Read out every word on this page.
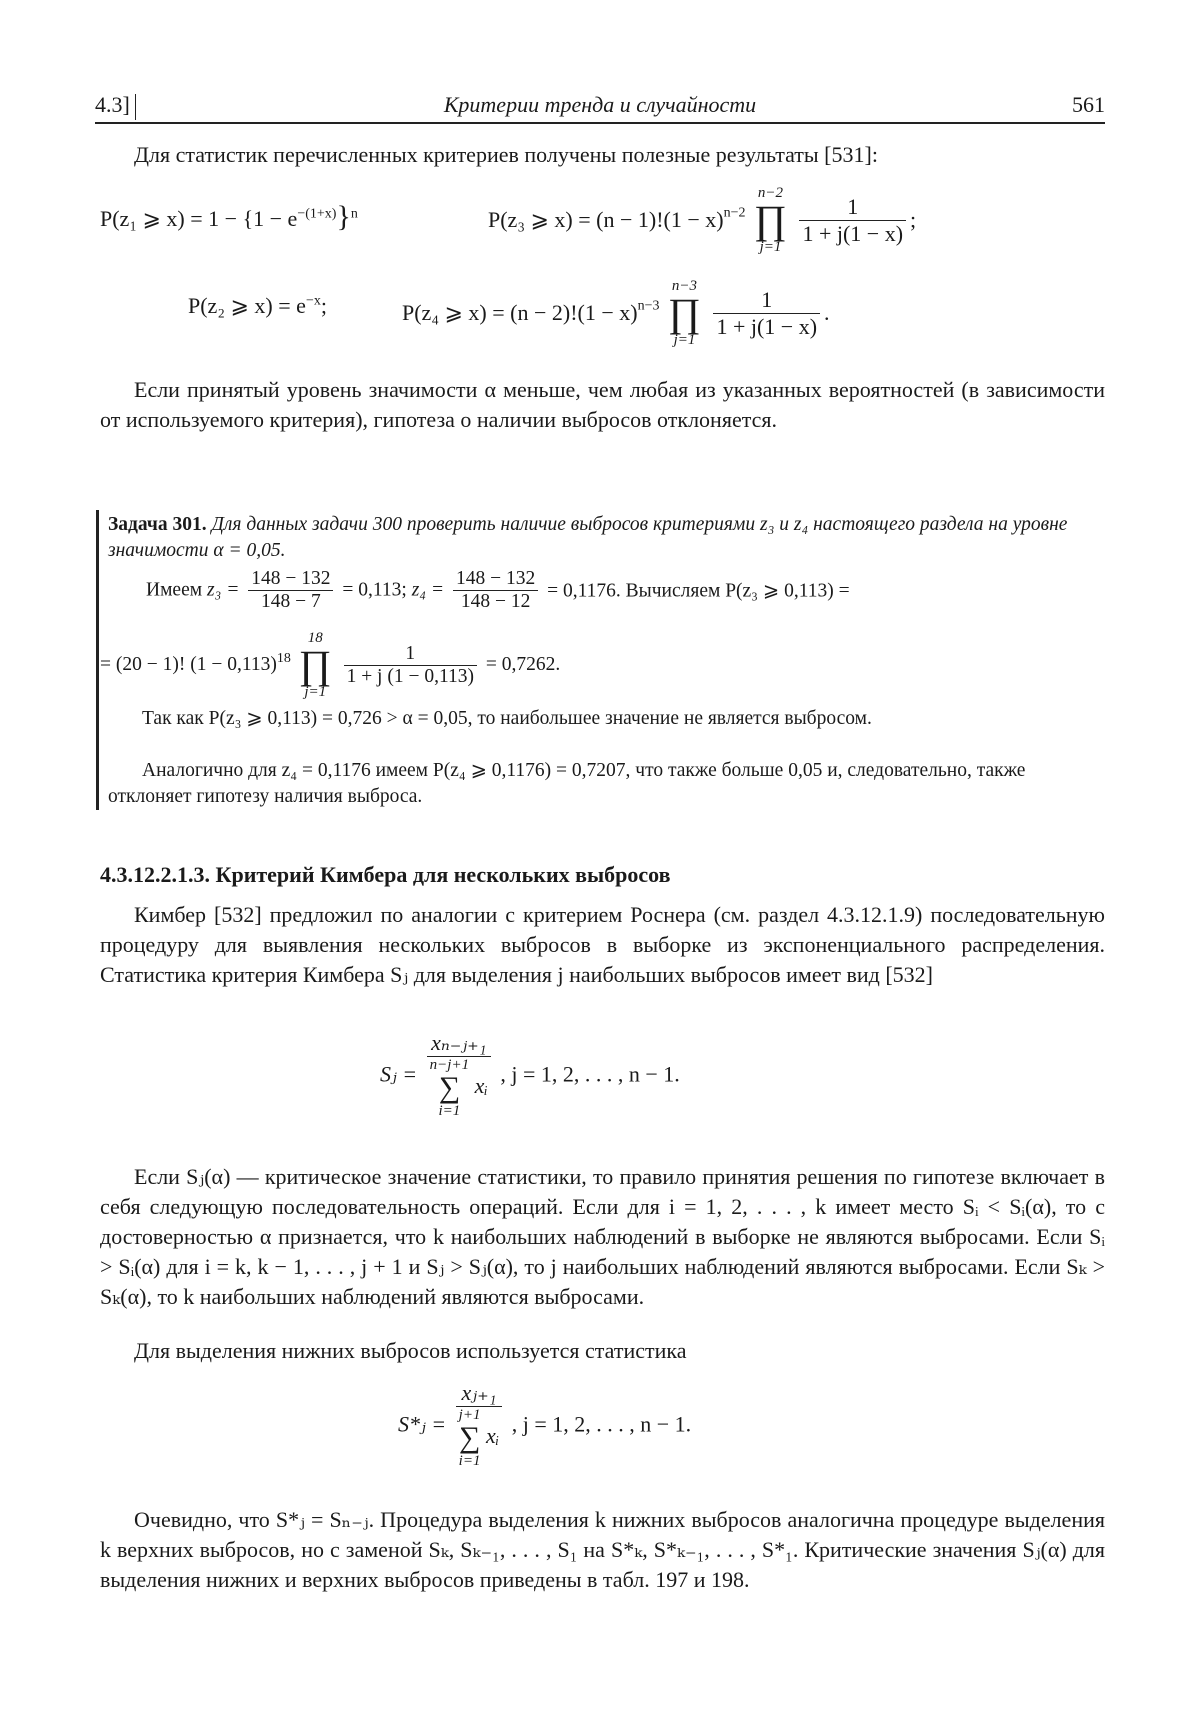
4.3]	Критерии тренда и случайности	561
Для статистик перечисленных критериев получены полезные результаты [531]:
P(z₁ ⩾ $x) = 1 - \{1 - e^{-(1+x)}\}^n$	P(z₃ ⩾ $x) = (n - 1)!(1 - x)^{n-2}$
n−2
∏
j=1

$\frac{1}{1 + j(1 - x)}$ ;
P(z₂ ⩾ $x) = e^{-x}$;	P(z₄ ⩾ $x) = (n - 2)!(1 - x)^{n-3}$
n−3
∏
j=1

$\frac{1}{1 + j(1 - x)}$ .
Если принятый уровень значимости α меньше, чем любая из указанных вероятностей (в зависимости от используемого критерия), гипотеза о наличии выбросов отклоняется.
Задача 301. Для данных задачи 300 проверить наличие выбросов критериями z₃ и z₄ настоящего раздела на уровне значимости α = 0,05.
Имеем $z_3 = \frac{148 - 132}{148 - 7} = 0,113$; $z_4 = \frac{148 - 132}{148 - 12} = 0,1176$. Вычисляем P(z₃ ⩾ 0,113) =
= (20 − 1)! $(1 - 0,113)^{18}$
18
∏
j=1

$\frac{1}{1 + j (1 - 0,113)} = 0,7262$.
Так как P(z₃ ⩾ 0,113) = 0,726 > α = 0,05, то наибольшее значение не является выбросом.
Аналогично для z₄ = 0,1176 имеем P(z₄ ⩾ 0,1176) = 0,7207, что также больше 0,05 и, следовательно, также отклоняет гипотезу наличия выброса.
4.3.12.2.1.3. Критерий Кимбера для нескольких выбросов
Кимбер [532] предложил по аналогии с критерием Роснера (см. раздел 4.3.12.1.9) последовательную процедуру для выявления нескольких выбросов в выборке из экспоненциального распределения. Статистика критерия Кимбера Sⱼ для выделения j наибольших выбросов имеет вид [532]
Sⱼ = xₙ₋ⱼ₊₁
n−j+1
∑
i=1
xᵢ , j = 1, 2, . . . , n − 1.
Если Sⱼ(α) — критическое значение статистики, то правило принятия решения по гипотезе включает в себя следующую последовательность операций. Если для i = 1, 2, . . . , k имеет место Sᵢ < Sᵢ(α), то с достоверностью α признается, что k наибольших наблюдений в выборке не являются выбросами. Если Sᵢ > Sᵢ(α) для i = k, k − 1, . . . , j + 1 и Sⱼ > Sⱼ(α), то j наибольших наблюдений являются выбросами. Если Sₖ > Sₖ(α), то k наибольших наблюдений являются выбросами.
Для выделения нижних выбросов используется статистика
S*ⱼ = xⱼ₊₁
j+1
∑
i=1
xᵢ , j = 1, 2, . . . , n − 1.
Очевидно, что S*ⱼ = Sₙ₋ⱼ. Процедура выделения k нижних выбросов аналогична процедуре выделения k верхних выбросов, но с заменой Sₖ, Sₖ₋₁, . . . , S₁ на S*ₖ, S*ₖ₋₁, . . . , S*₁. Критические значения Sⱼ(α) для выделения нижних и верхних выбросов приведены в табл. 197 и 198.
